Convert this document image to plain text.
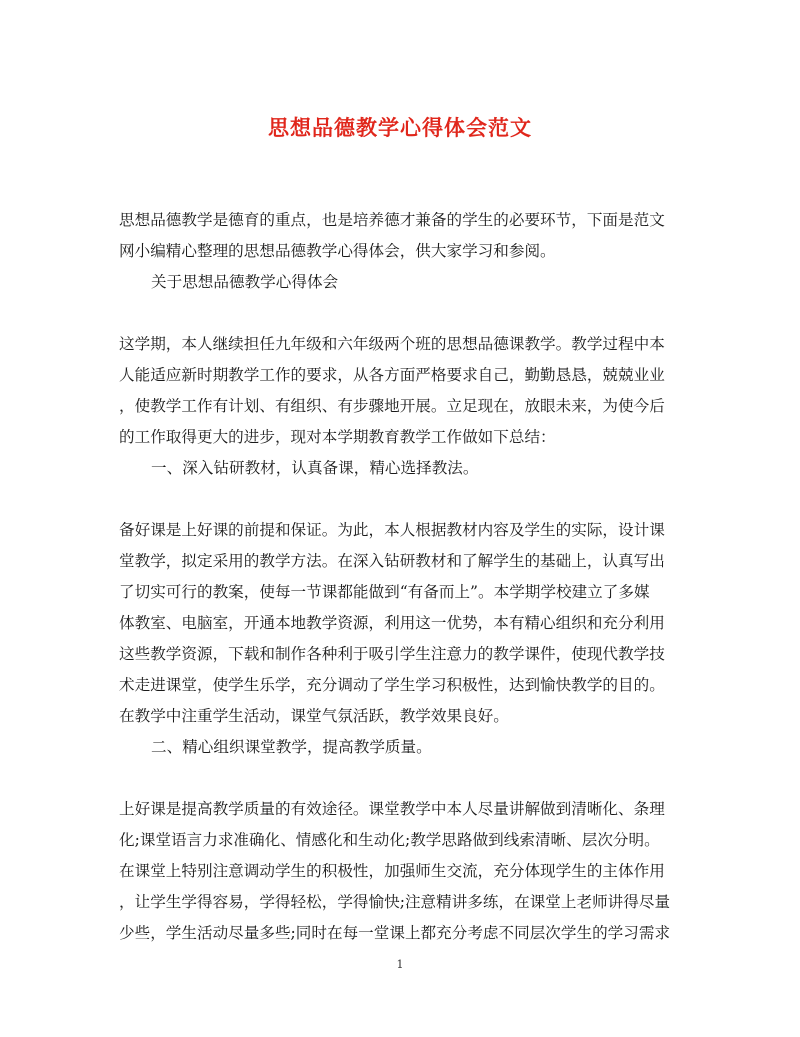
思想品德教学心得体会范文
思想品德教学是德育的重点，也是培养德才兼备的学生的必要环节，下面是范文
网小编精心整理的思想品德教学心得体会，供大家学习和参阅。
关于思想品德教学心得体会
这学期，本人继续担任九年级和六年级两个班的思想品德课教学。教学过程中本
人能适应新时期教学工作的要求，从各方面严格要求自己，勤勤恳恳，兢兢业业
，使教学工作有计划、有组织、有步骤地开展。立足现在，放眼未来，为使今后
的工作取得更大的进步，现对本学期教育教学工作做如下总结：
一、深入钻研教材，认真备课，精心选择教法。
备好课是上好课的前提和保证。为此，本人根据教材内容及学生的实际，设计课
堂教学，拟定采用的教学方法。在深入钻研教材和了解学生的基础上，认真写出
了切实可行的教案，使每一节课都能做到“有备而上”。本学期学校建立了多媒
体教室、电脑室，开通本地教学资源，利用这一优势，本有精心组织和充分利用
这些教学资源，下载和制作各种利于吸引学生注意力的教学课件，使现代教学技
术走进课堂，使学生乐学，充分调动了学生学习积极性，达到愉快教学的目的。
在教学中注重学生活动，课堂气氛活跃，教学效果良好。
二、精心组织课堂教学，提高教学质量。
上好课是提高教学质量的有效途径。课堂教学中本人尽量讲解做到清晰化、条理
化;课堂语言力求准确化、情感化和生动化;教学思路做到线索清晰、层次分明。
在课堂上特别注意调动学生的积极性，加强师生交流，充分体现学生的主体作用
，让学生学得容易，学得轻松，学得愉快;注意精讲多练，在课堂上老师讲得尽量
少些，学生活动尽量多些;同时在每一堂课上都充分考虑不同层次学生的学习需求
1
